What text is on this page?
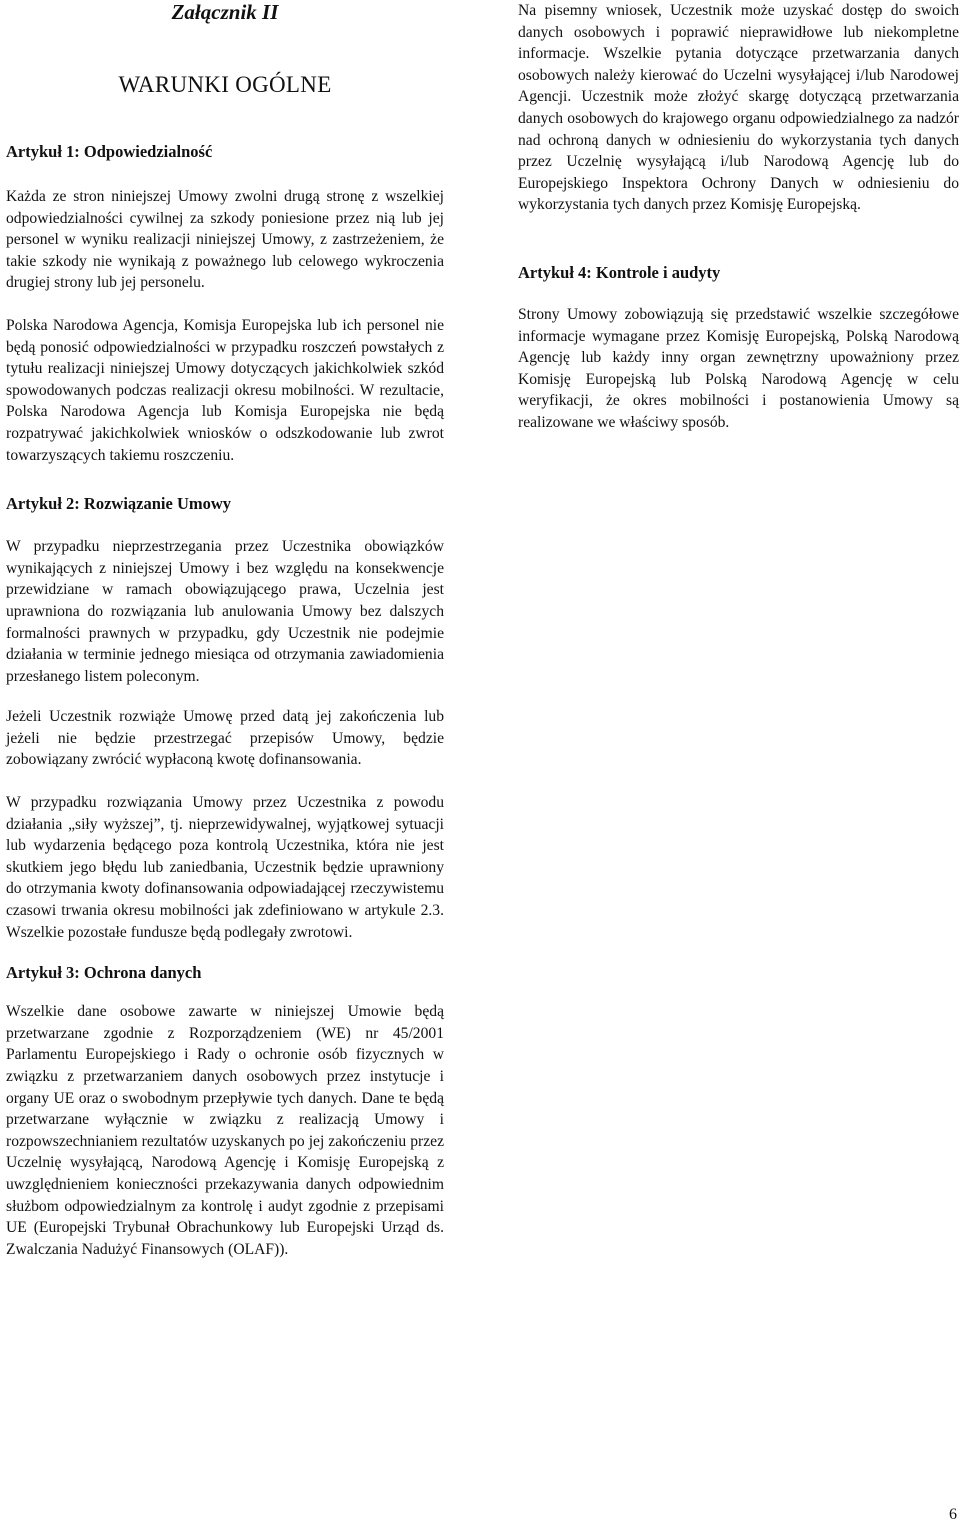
Załącznik II
WARUNKI OGÓLNE
Artykuł 1: Odpowiedzialność

Każda ze stron niniejszej Umowy zwolni drugą stronę z wszelkiej odpowiedzialności cywilnej za szkody poniesione przez nią lub jej personel w wyniku realizacji niniejszej Umowy, z zastrzeżeniem, że takie szkody nie wynikają z poważnego lub celowego wykroczenia drugiej strony lub jej personelu.

Polska Narodowa Agencja, Komisja Europejska lub ich personel nie będą ponosić odpowiedzialności w przypadku roszczeń powstałych z tytułu realizacji niniejszej Umowy dotyczących jakichkolwiek szkód spowodowanych podczas realizacji okresu mobilności. W rezultacie, Polska Narodowa Agencja lub Komisja Europejska nie będą rozpatrywać jakichkolwiek wniosków o odszkodowanie lub zwrot towarzyszących takiemu roszczeniu.

Artykuł 2: Rozwiązanie Umowy

W przypadku nieprzestrzegania przez Uczestnika obowiązków wynikających z niniejszej Umowy i bez względu na konsekwencje przewidziane w ramach obowiązującego prawa, Uczelnia jest uprawniona do rozwiązania lub anulowania Umowy bez dalszych formalności prawnych w przypadku, gdy Uczestnik nie podejmie działania w terminie jednego miesiąca od otrzymania zawiadomienia przesłanego listem poleconym.

Jeżeli Uczestnik rozwiąże Umowę przed datą jej zakończenia lub jeżeli nie będzie przestrzegać przepisów Umowy, będzie zobowiązany zwrócić wypłaconą kwotę dofinansowania.

W przypadku rozwiązania Umowy przez Uczestnika z powodu działania „siły wyższej”, tj. nieprzewidywalnej, wyjątkowej sytuacji lub wydarzenia będącego poza kontrolą Uczestnika, która nie jest skutkiem jego błędu lub zaniedbania, Uczestnik będzie uprawniony do otrzymania kwoty dofinansowania odpowiadającej rzeczywistemu czasowi trwania okresu mobilności jak zdefiniowano w artykule 2.3. Wszelkie pozostałe fundusze będą podlegały zwrotowi.

Artykuł 3: Ochrona danych

Wszelkie dane osobowe zawarte w niniejszej Umowie będą przetwarzane zgodnie z Rozporządzeniem (WE) nr 45/2001 Parlamentu Europejskiego i Rady o ochronie osób fizycznych w związku z przetwarzaniem danych osobowych przez instytucje i organy UE oraz o swobodnym przepływie tych danych. Dane te będą przetwarzane wyłącznie w związku z realizacją Umowy i rozpowszechnianiem rezultatów uzyskanych po jej zakończeniu przez Uczelnię wysyłającą, Narodową Agencję i Komisję Europejską z uwzględnieniem konieczności przekazywania danych odpowiednim służbom odpowiedzialnym za kontrolę i audyt zgodnie z przepisami UE (Europejski Trybunał Obrachunkowy lub Europejski Urząd ds. Zwalczania Nadużyć Finansowych (OLAF)).

Na pisemny wniosek, Uczestnik może uzyskać dostęp do swoich danych osobowych i poprawić nieprawidłowe lub niekompletne informacje. Wszelkie pytania dotyczące przetwarzania danych osobowych należy kierować do Uczelni wysyłającej i/lub Narodowej Agencji. Uczestnik może złożyć skargę dotyczącą przetwarzania danych osobowych do krajowego organu odpowiedzialnego za nadzór nad ochroną danych w odniesieniu do wykorzystania tych danych przez Uczelnię wysyłającą i/lub Narodową Agencję lub do Europejskiego Inspektora Ochrony Danych w odniesieniu do wykorzystania tych danych przez Komisję Europejską.

Artykuł 4: Kontrole i audyty

Strony Umowy zobowiązują się przedstawić wszelkie szczegółowe informacje wymagane przez Komisję Europejską, Polską Narodową Agencję lub każdy inny organ zewnętrzny upoważniony przez Komisję Europejską lub Polską Narodową Agencję w celu weryfikacji, że okres mobilności i postanowienia Umowy są realizowane we właściwy sposób.

6
